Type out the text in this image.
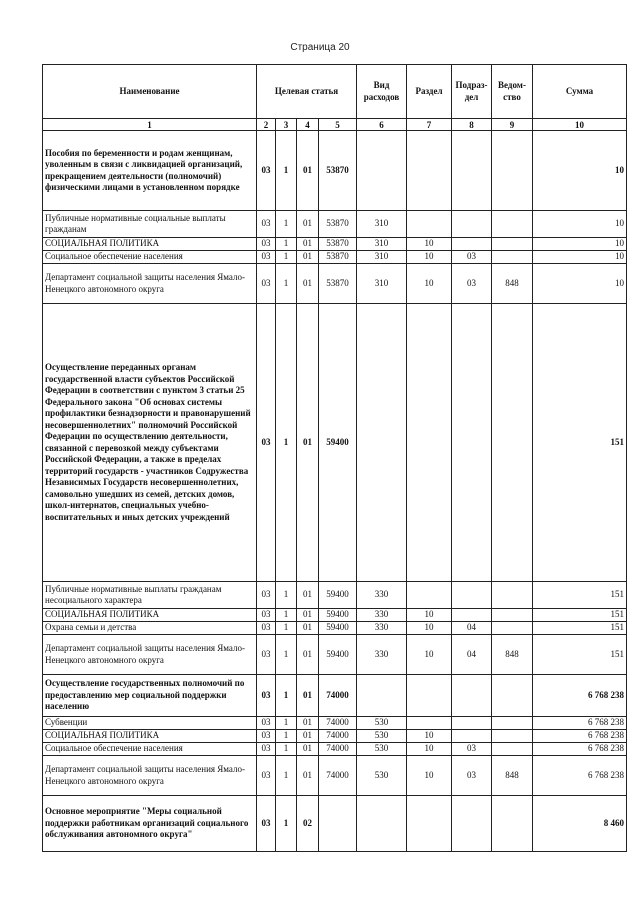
Страница 20
Наименование	Целевая статья				Вид расходов	Раздел	Подраз-дел	Ведом-ство	Сумма
1	2	3	4	5	6	7	8	9	10
Пособия по беременности и родам женщинам, уволенным в связи с ликвидацией организаций, прекращением деятельности (полномочий) физическими лицами в установленном порядке	03	1	01	53870					10
Публичные нормативные социальные выплаты гражданам	03	1	01	53870	310				10
СОЦИАЛЬНАЯ ПОЛИТИКА	03	1	01	53870	310	10			10
Социальное обеспечение населения	03	1	01	53870	310	10	03		10
Департамент социальной защиты населения Ямало-Ненецкого автономного округа	03	1	01	53870	310	10	03	848	10
Осуществление переданных органам государственной власти субъектов Российской Федерации в соответствии с пунктом 3 статьи 25 Федерального закона "Об основах системы профилактики безнадзорности и правонарушений несовершеннолетних" полномочий Российской Федерации по осуществлению деятельности, связанной с перевозкой между субъектами Российской Федерации, а также в пределах территорий государств - участников Содружества Независимых Государств несовершеннолетних, самовольно ушедших из семей, детских домов, школ-интернатов, специальных учебно-воспитательных и иных детских учреждений	03	1	01	59400					151
Публичные нормативные выплаты гражданам несоциального характера	03	1	01	59400	330				151
СОЦИАЛЬНАЯ ПОЛИТИКА	03	1	01	59400	330	10			151
Охрана семьи и детства	03	1	01	59400	330	10	04		151
Департамент социальной защиты населения Ямало-Ненецкого автономного округа	03	1	01	59400	330	10	04	848	151
Осуществление государственных полномочий по предоставлению мер социальной поддержки населению	03	1	01	74000					6 768 238
Субвенции	03	1	01	74000	530				6 768 238
СОЦИАЛЬНАЯ ПОЛИТИКА	03	1	01	74000	530	10			6 768 238
Социальное обеспечение населения	03	1	01	74000	530	10	03		6 768 238
Департамент социальной защиты населения Ямало-Ненецкого автономного округа	03	1	01	74000	530	10	03	848	6 768 238
Основное мероприятие "Меры социальной поддержки работникам организаций социального обслуживания автономного округа"	03	1	02						8 460
